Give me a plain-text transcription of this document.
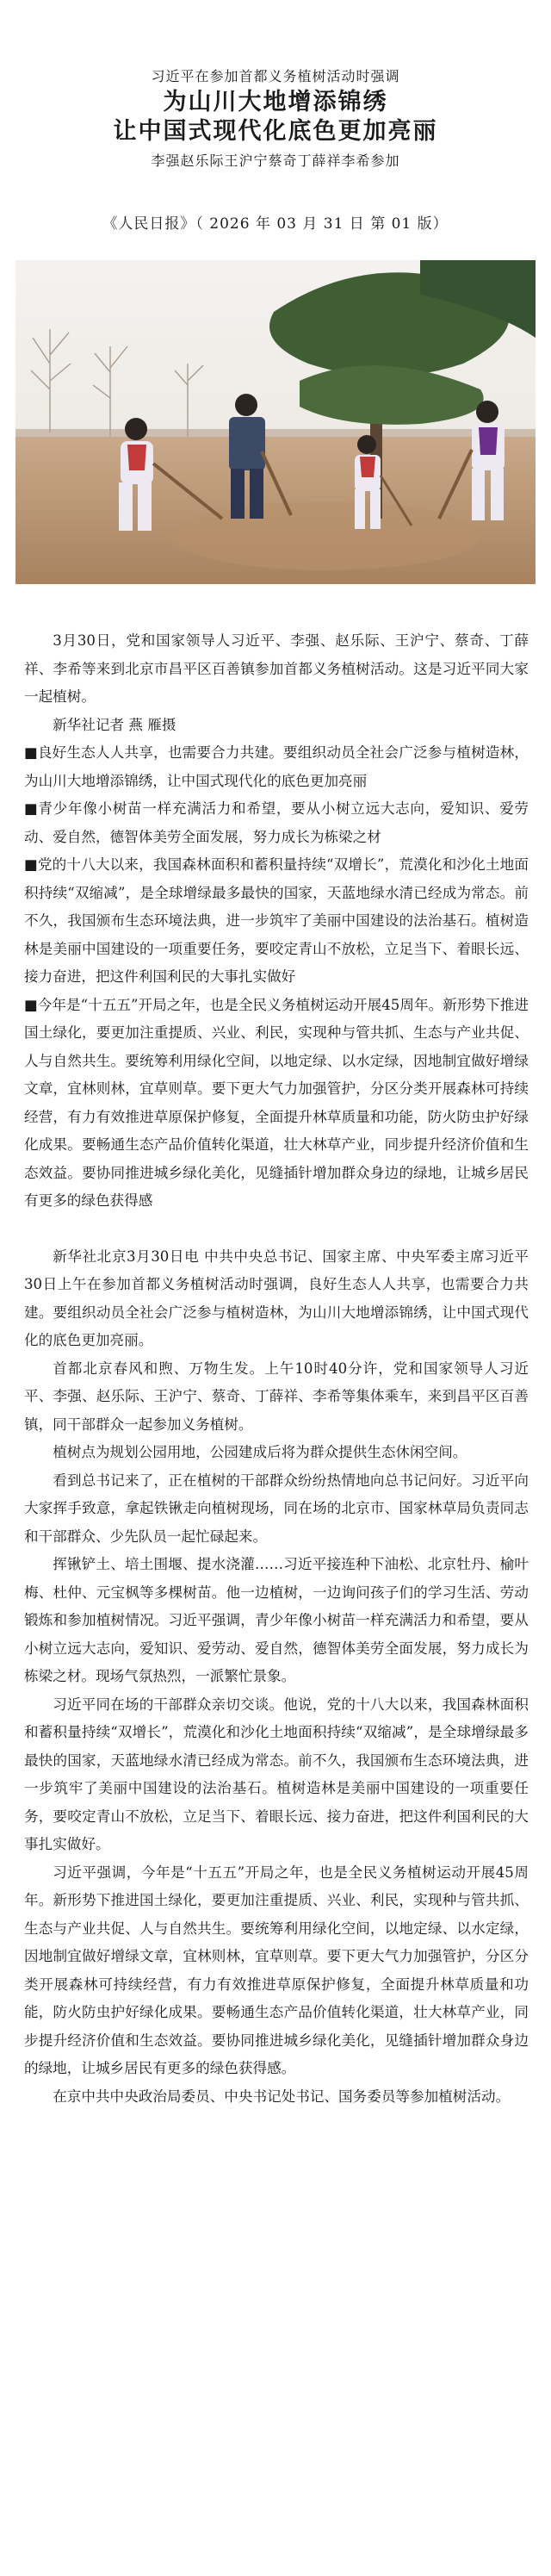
习近平在参加首都义务植树活动时强调
为山川大地增添锦绣
让中国式现代化底色更加亮丽
李强赵乐际王沪宁蔡奇丁薛祥李希参加
《人民日报》（ 2026 年 03 月 31 日 第 01 版）

3月30日，党和国家领导人习近平、李强、赵乐际、王沪宁、蔡奇、丁薛祥、李希等来到北京市昌平区百善镇参加首都义务植树活动。这是习近平同大家一起植树。

新华社记者 燕 雁摄

■良好生态人人共享，也需要合力共建。要组织动员全社会广泛参与植树造林，为山川大地增添锦绣，让中国式现代化的底色更加亮丽

■青少年像小树苗一样充满活力和希望，要从小树立远大志向，爱知识、爱劳动、爱自然，德智体美劳全面发展，努力成长为栋梁之材

■党的十八大以来，我国森林面积和蓄积量持续“双增长”，荒漠化和沙化土地面积持续“双缩减”，是全球增绿最多最快的国家，天蓝地绿水清已经成为常态。前不久，我国颁布生态环境法典，进一步筑牢了美丽中国建设的法治基石。植树造林是美丽中国建设的一项重要任务，要咬定青山不放松，立足当下、着眼长远、接力奋进，把这件利国利民的大事扎实做好

■今年是“十五五”开局之年，也是全民义务植树运动开展45周年。新形势下推进国土绿化，要更加注重提质、兴业、利民，实现种与管共抓、生态与产业共促、人与自然共生。要统筹利用绿化空间，以地定绿、以水定绿，因地制宜做好增绿文章，宜林则林，宜草则草。要下更大气力加强管护，分区分类开展森林可持续经营，有力有效推进草原保护修复，全面提升林草质量和功能，防火防虫护好绿化成果。要畅通生态产品价值转化渠道，壮大林草产业，同步提升经济价值和生态效益。要协同推进城乡绿化美化，见缝插针增加群众身边的绿地，让城乡居民有更多的绿色获得感

新华社北京3月30日电 中共中央总书记、国家主席、中央军委主席习近平30日上午在参加首都义务植树活动时强调，良好生态人人共享，也需要合力共建。要组织动员全社会广泛参与植树造林，为山川大地增添锦绣，让中国式现代化的底色更加亮丽。

首都北京春风和煦、万物生发。上午10时40分许，党和国家领导人习近平、李强、赵乐际、王沪宁、蔡奇、丁薛祥、李希等集体乘车，来到昌平区百善镇，同干部群众一起参加义务植树。

植树点为规划公园用地，公园建成后将为群众提供生态休闲空间。

看到总书记来了，正在植树的干部群众纷纷热情地向总书记问好。习近平向大家挥手致意，拿起铁锹走向植树现场，同在场的北京市、国家林草局负责同志和干部群众、少先队员一起忙碌起来。

挥锹铲土、培土围堰、提水浇灌……习近平接连种下油松、北京牡丹、榆叶梅、杜仲、元宝枫等多棵树苗。他一边植树，一边询问孩子们的学习生活、劳动锻炼和参加植树情况。习近平强调，青少年像小树苗一样充满活力和希望，要从小树立远大志向，爱知识、爱劳动、爱自然，德智体美劳全面发展，努力成长为栋梁之材。现场气氛热烈，一派繁忙景象。

习近平同在场的干部群众亲切交谈。他说，党的十八大以来，我国森林面积和蓄积量持续“双增长”，荒漠化和沙化土地面积持续“双缩减”，是全球增绿最多最快的国家，天蓝地绿水清已经成为常态。前不久，我国颁布生态环境法典，进一步筑牢了美丽中国建设的法治基石。植树造林是美丽中国建设的一项重要任务，要咬定青山不放松，立足当下、着眼长远、接力奋进，把这件利国利民的大事扎实做好。

习近平强调，今年是“十五五”开局之年，也是全民义务植树运动开展45周年。新形势下推进国土绿化，要更加注重提质、兴业、利民，实现种与管共抓、生态与产业共促、人与自然共生。要统筹利用绿化空间，以地定绿、以水定绿，因地制宜做好增绿文章，宜林则林，宜草则草。要下更大气力加强管护，分区分类开展森林可持续经营，有力有效推进草原保护修复，全面提升林草质量和功能，防火防虫护好绿化成果。要畅通生态产品价值转化渠道，壮大林草产业，同步提升经济价值和生态效益。要协同推进城乡绿化美化，见缝插针增加群众身边的绿地，让城乡居民有更多的绿色获得感。

在京中共中央政治局委员、中央书记处书记、国务委员等参加植树活动。
